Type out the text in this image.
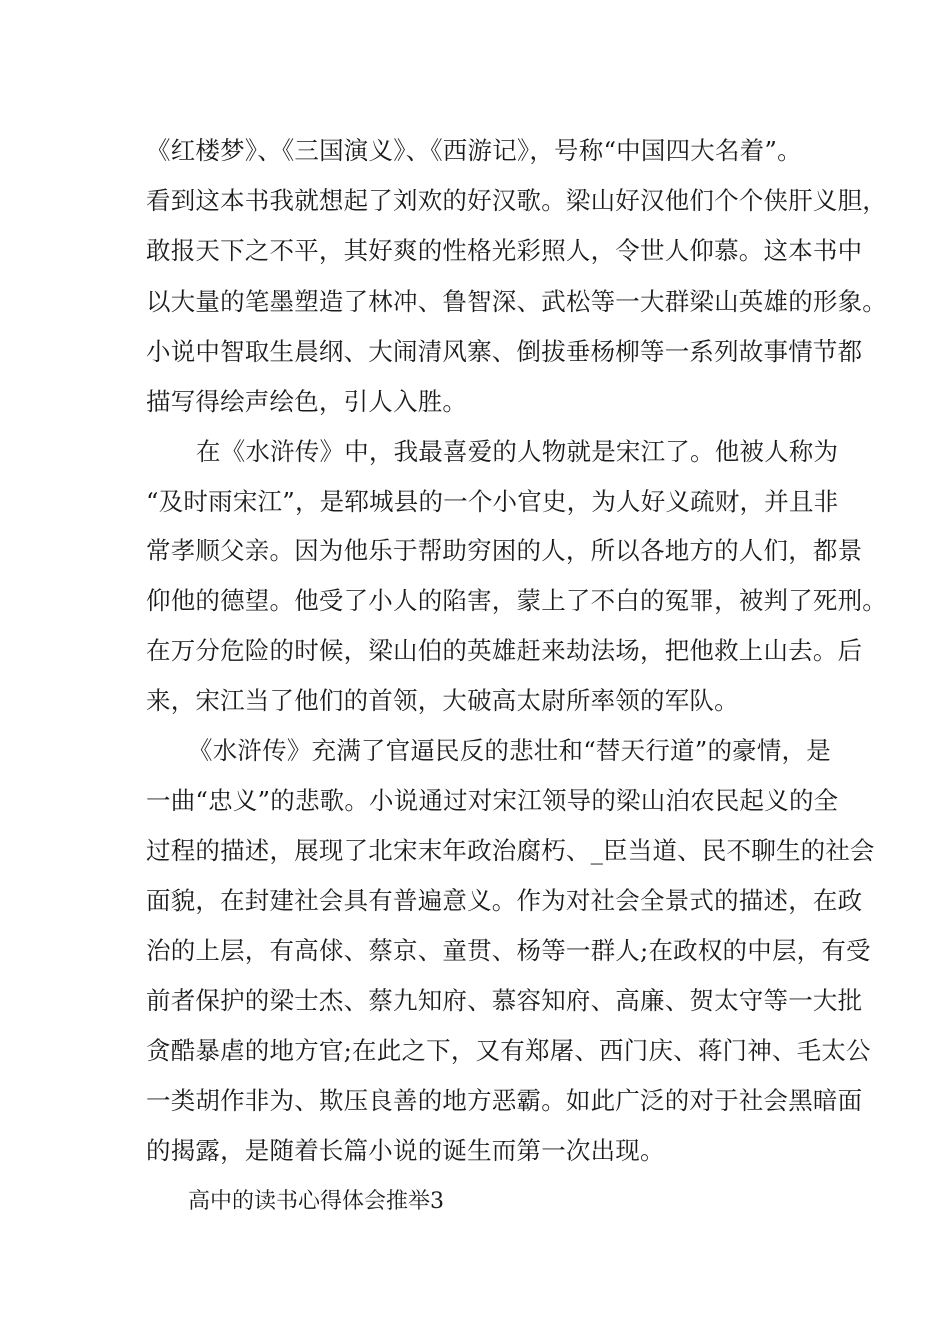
《红楼梦》、《三国演义》、《西游记》，号称“中国四大名着”。
看到这本书我就想起了刘欢的好汉歌。梁山好汉他们个个侠肝义胆，
敢报天下之不平，其好爽的性格光彩照人，令世人仰慕。这本书中
以大量的笔墨塑造了林冲、鲁智深、武松等一大群梁山英雄的形象。
小说中智取生晨纲、大闹清风寨、倒拔垂杨柳等一系列故事情节都
描写得绘声绘色，引人入胜。
在《水浒传》中，我最喜爱的人物就是宋江了。他被人称为
“及时雨宋江”，是郓城县的一个小官史，为人好义疏财，并且非
常孝顺父亲。因为他乐于帮助穷困的人，所以各地方的人们，都景
仰他的德望。他受了小人的陷害，蒙上了不白的冤罪，被判了死刑。
在万分危险的时候，梁山伯的英雄赶来劫法场，把他救上山去。后
来，宋江当了他们的首领，大破高太尉所率领的军队。
《水浒传》充满了官逼民反的悲壮和“替天行道”的豪情，是
一曲“忠义”的悲歌。小说通过对宋江领导的梁山泊农民起义的全
过程的描述，展现了北宋末年政治腐朽、_臣当道、民不聊生的社会
面貌，在封建社会具有普遍意义。作为对社会全景式的描述，在政
治的上层，有高俅、蔡京、童贯、杨等一群人;在政权的中层，有受
前者保护的梁士杰、蔡九知府、慕容知府、高廉、贺太守等一大批
贪酷暴虐的地方官;在此之下，又有郑屠、西门庆、蒋门神、毛太公
一类胡作非为、欺压良善的地方恶霸。如此广泛的对于社会黑暗面
的揭露，是随着长篇小说的诞生而第一次出现。
高中的读书心得体会推举3
